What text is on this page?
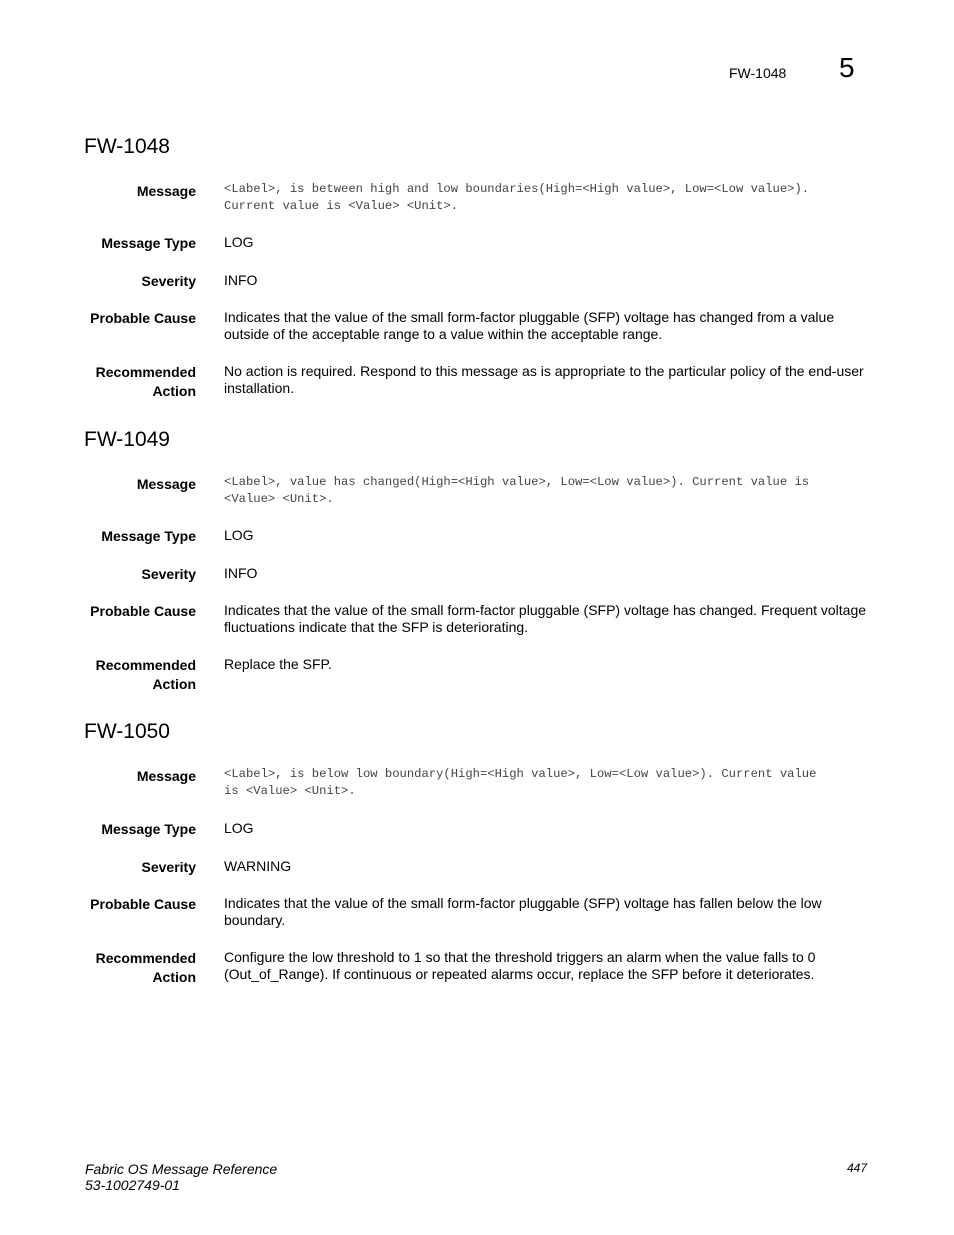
FW-1048 5
FW-1048
Message <Label>, is between high and low boundaries(High=<High value>, Low=<Low value>).
Current value is <Value> <Unit>.
Message Type LOG
Severity INFO
Probable Cause Indicates that the value of the small form-factor pluggable (SFP) voltage has changed from a value
outside of the acceptable range to a value within the acceptable range.
Recommended
Action
No action is required. Respond to this message as is appropriate to the particular policy of the end-user
installation.
FW-1049
Message <Label>, value has changed(High=<High value>, Low=<Low value>). Current value is
<Value> <Unit>.
Message Type LOG
Severity INFO
Probable Cause Indicates that the value of the small form-factor pluggable (SFP) voltage has changed. Frequent voltage
fluctuations indicate that the SFP is deteriorating.
Recommended
Action
Replace the SFP.
FW-1050
Message <Label>, is below low boundary(High=<High value>, Low=<Low value>). Current value
is <Value> <Unit>.
Message Type LOG
Severity WARNING
Probable Cause Indicates that the value of the small form-factor pluggable (SFP) voltage has fallen below the low
boundary.
Recommended
Action
Configure the low threshold to 1 so that the threshold triggers an alarm when the value falls to 0
(Out_of_Range). If continuous or repeated alarms occur, replace the SFP before it deteriorates.
Fabric OS Message Reference
53-1002749-01
447
